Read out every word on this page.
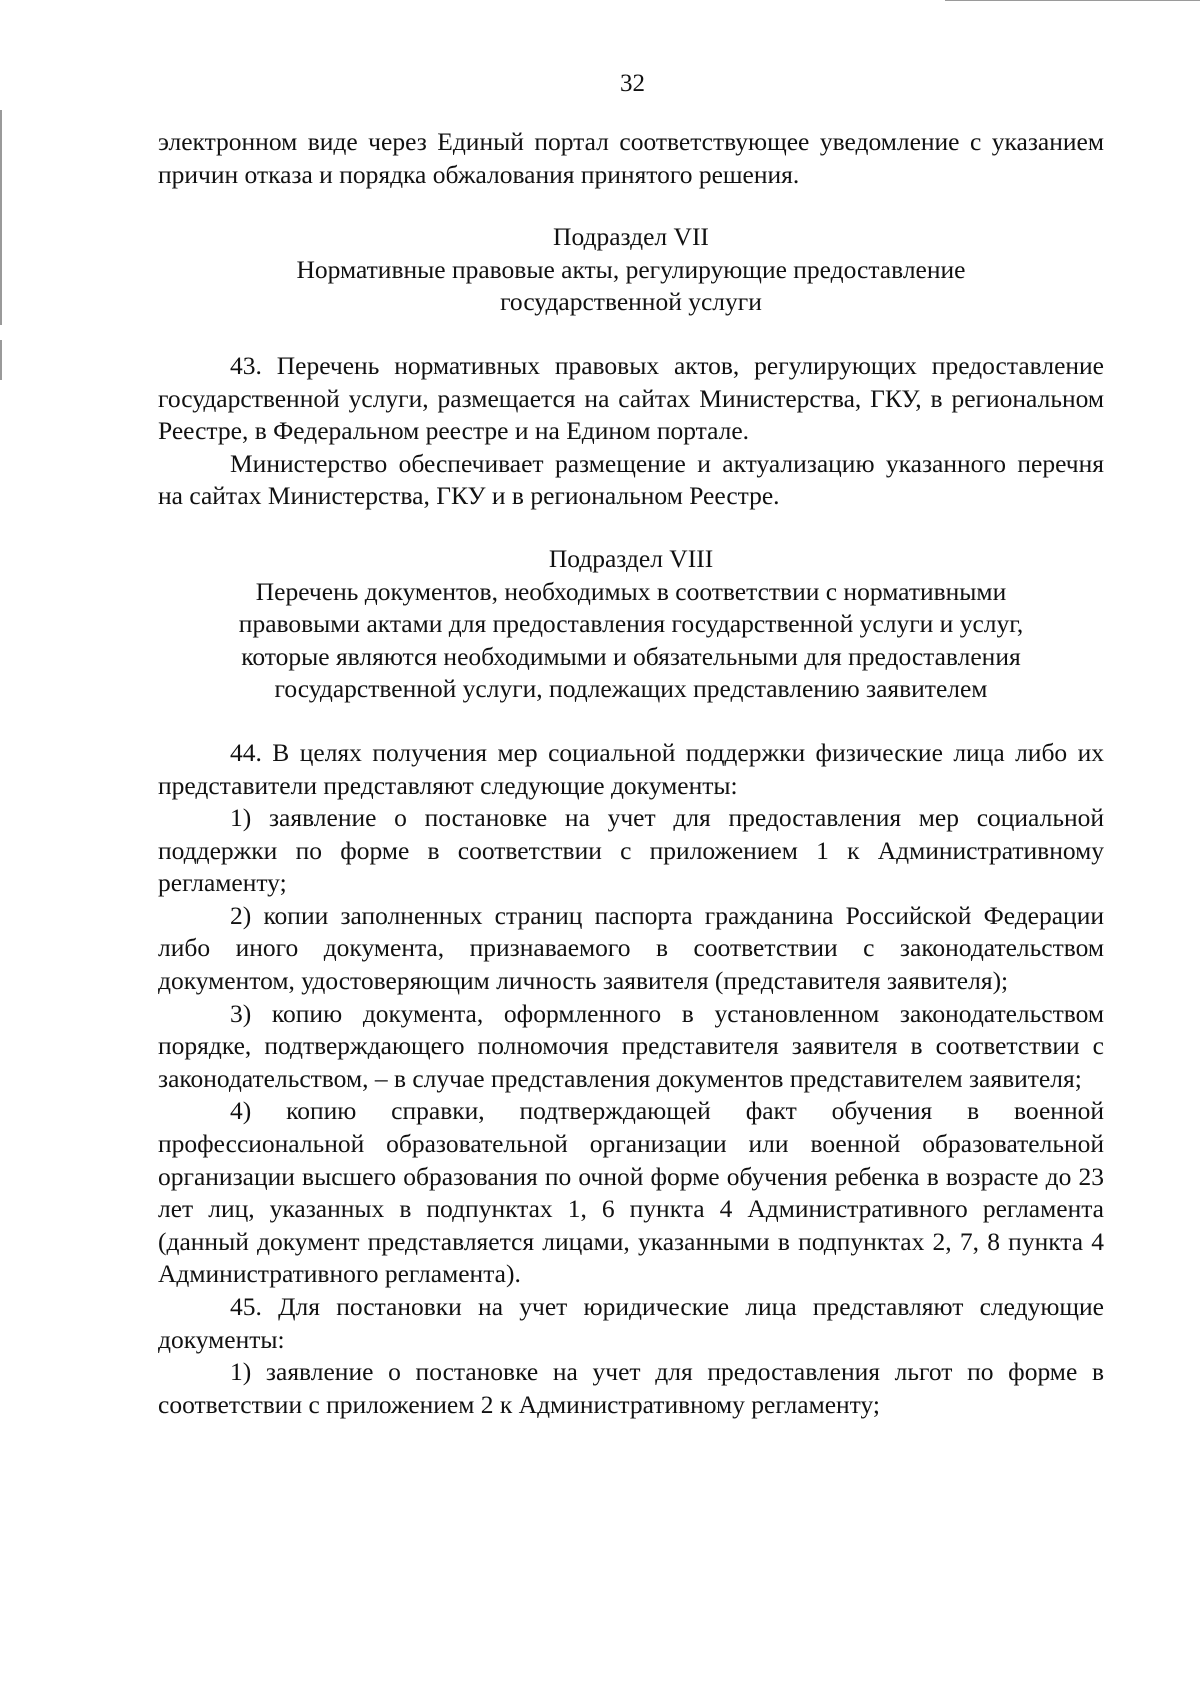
32

электронном виде через Единый портал соответствующее уведомление с указанием причин отказа и порядка обжалования принятого решения.

Подраздел VII

Нормативные правовые акты, регулирующие предоставление

государственной услуги

43. Перечень нормативных правовых актов, регулирующих предоставление государственной услуги, размещается на сайтах Министерства, ГКУ, в региональном Реестре, в Федеральном реестре и на Едином портале.

Министерство обеспечивает размещение и актуализацию указанного перечня на сайтах Министерства, ГКУ и в региональном Реестре.

Подраздел VIII

Перечень документов, необходимых в соответствии с нормативными

правовыми актами для предоставления государственной услуги и услуг,

которые являются необходимыми и обязательными для предоставления

государственной услуги, подлежащих представлению заявителем

44. В целях получения мер социальной поддержки физические лица либо их представители представляют следующие документы:

1) заявление о постановке на учет для предоставления мер социальной поддержки по форме в соответствии с приложением 1 к Административному регламенту;

2) копии заполненных страниц паспорта гражданина Российской Федерации либо иного документа, признаваемого в соответствии с законодательством документом, удостоверяющим личность заявителя (представителя заявителя);

3) копию документа, оформленного в установленном законодательством порядке, подтверждающего полномочия представителя заявителя в соответствии с законодательством, – в случае представления документов представителем заявителя;

4) копию справки, подтверждающей факт обучения в военной профессиональной образовательной организации или военной образовательной организации высшего образования по очной форме обучения ребенка в возрасте до 23 лет лиц, указанных в подпунктах 1, 6 пункта 4 Административного регламента (данный документ представляется лицами, указанными в подпунктах 2, 7, 8 пункта 4 Административного регламента).

45. Для постановки на учет юридические лица представляют следующие документы:

1) заявление о постановке на учет для предоставления льгот по форме в соответствии с приложением 2 к Административному регламенту;
